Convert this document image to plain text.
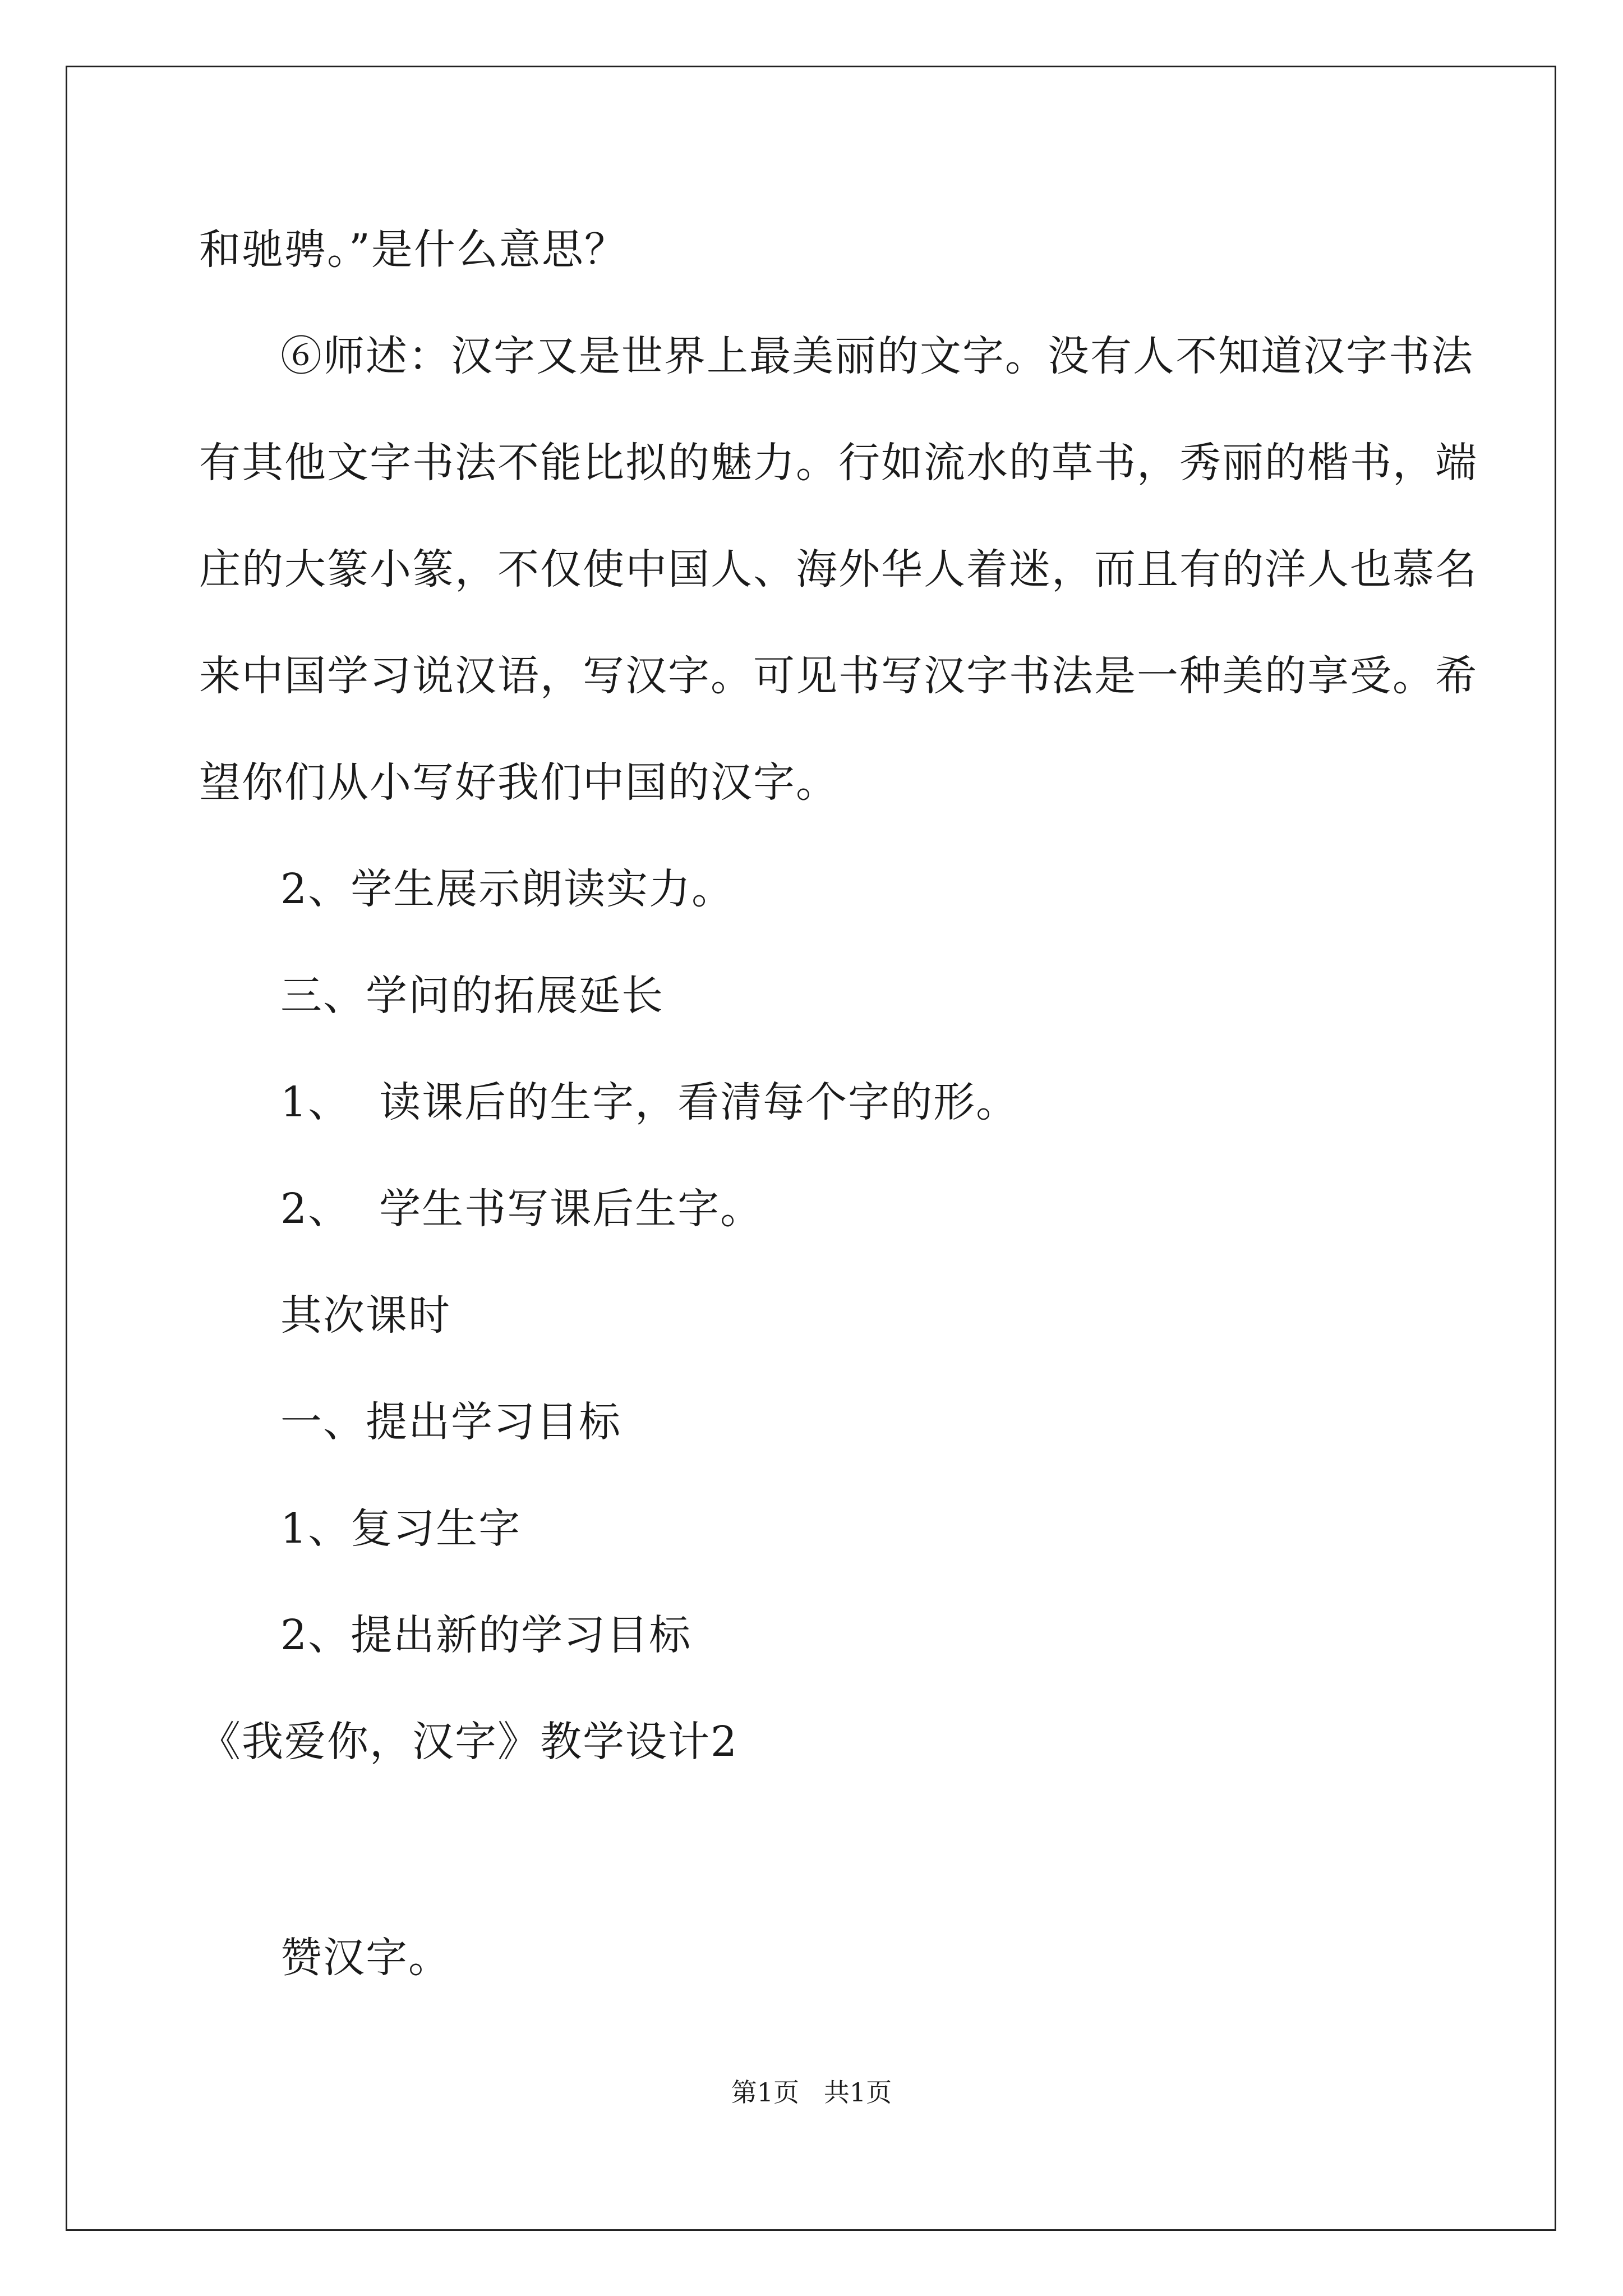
和驰骋。”是什么意思？
⑥师述：汉字又是世界上最美丽的文字。没有人不知道汉字书法
有其他文字书法不能比拟的魅力。行如流水的草书，秀丽的楷书，端
庄的大篆小篆，不仅使中国人、海外华人着迷，而且有的洋人也慕名
来中国学习说汉语，写汉字。可见书写汉字书法是一种美的享受。希
望你们从小写好我们中国的汉字。
2、学生展示朗读实力。
三、学问的拓展延长
1、  读课后的生字，看清每个字的形。
2、  学生书写课后生字。
其次课时
一、提出学习目标
1、复习生字
2、提出新的学习目标
《我爱你，汉字》教学设计2
赞汉字。
第1页   共1页
